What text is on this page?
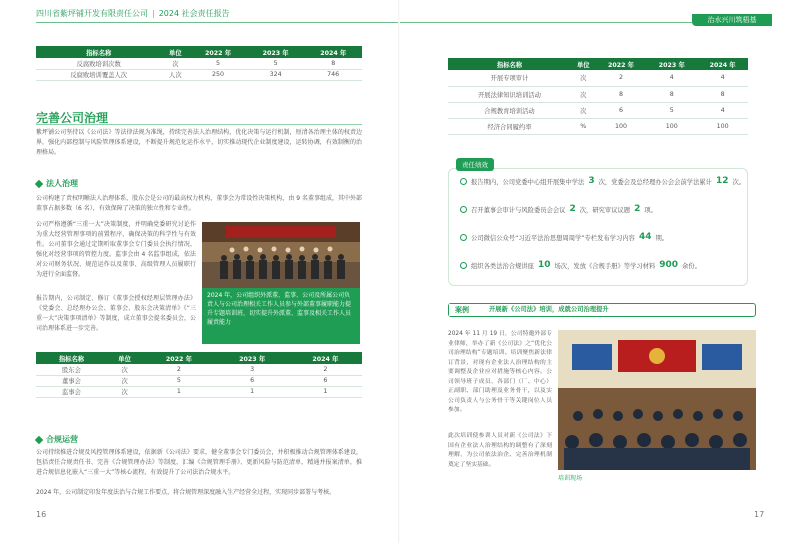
四川省紫坪铺开发有限责任公司 | 2024 社会责任报告
指标名称	单位	2022 年	2023 年	2024 年
反腐败培训次数	次	5	5	8
反腐败培训覆盖人次	人次	250	324	746
完善公司治理
紫坪铺公司坚持以《公司法》等法律法规为准绳，持续完善法人治理结构，优化决策与运行机制，厘清各治理主体的权责边界，强化内部控制与风险管理体系建设，不断提升规范化运作水平，切实推动现代企业制度建设，运转协调，有效制衡的治理格局。
法人治理
公司构建了责权明晰法人治理体系，股东会是公司的最高权力机构，董事会为常设性决策机构，由 9 名董事组成，其中外部董事占据多数（6 名），有效保障了决策的独立性和专业性。
公司严格遵循“三重一大”决策制度，并明确党委研究讨论作为重大经营管理事项的前置程序，确保决策的科学性与有效性。公司董事会通过定期听取董事会专门委员会执行情况，强化对经营事项的管控力度。监事会由 4 名监事组成，依法对公司财务状况、规范运作以及董事、高级管理人员履职行为进行全面监督。
2024 年，公司组织外派董、监事、公司及所属公司负责人与公司治理相关工作人员参与外部董事履职能力提升专题培训班，切实提升外派董、监事及相关工作人员履责能力
报告期内，公司制定、修订《董事会授权经理层管理办法》《党委会、总经理办公会、董事会、股东会决策清单》《“三重一大”决策事项清单》等制度，成立董事会提名委员会，公司治理体系进一步完善。
指标名称	单位	2022 年	2023 年	2024 年
股东会	次	2	3	2
董事会	次	5	6	6
监事会	次	1	1	1
合规运营
公司持续推进合规及风控管理体系建设，依据新《公司法》要求，健全董事会专门委员会，并积极推动合规管理体系建设，包括责任合规责任书、完善《合规管理办法》等制度，汇编《合规管理手册》、更新风险与防范清单，精通并报案清单，推进合规信息化嵌入“三重一大”等核心流程，有效提升了公司法治合规水平。
2024 年，公司制定印发年度法治与合规工作要点，将合规管理深度融入生产经营全过程，实现同步部署与考核。
16
治水兴川筑梧基
指标名称	单位	2022 年	2023 年	2024 年
开展专项审计	次	2	4	4
开展法律知识培训活动	次	8	8	8
合规教育培训活动	次	6	5	4
经济合同履约率	%	100	100	100
责任绩效
报告期内，公司党委中心组开展集中学法 3 次，党委会及总经理办公会会前学法累计 12 次。
召开董事会审计与风险委员会会议 2 次，研究审议议题 2 项。
公司微信公众号“习近平法治思想周周学”专栏发布学习内容 44 期。
组织各类法治合规讲座 10 场次，发放《合规手册》等学习材料 900 余份。
案例	开展新《公司法》培训，成就公司治理提升
2024 年 11 月 19 日，公司特邀外部专业律师，举办了新《公司法》之“优化公司治理结构”专题培训。培训聚焦新法律订背景，对现有企业法人治理结构的主要调整及企业应对措施等核心内容。公司领导班子成员、各部门（厂、中心）正副职、部门助理及业务骨干，以及实公司负责人与公务骨干等关键岗位人员参加。
此次培训使参训人员对新《公司法》下国有企业法人治理结构的调整有了深刻理解，为公司依法治企、完善治理机制奠定了坚实基础。
培训现场
17
